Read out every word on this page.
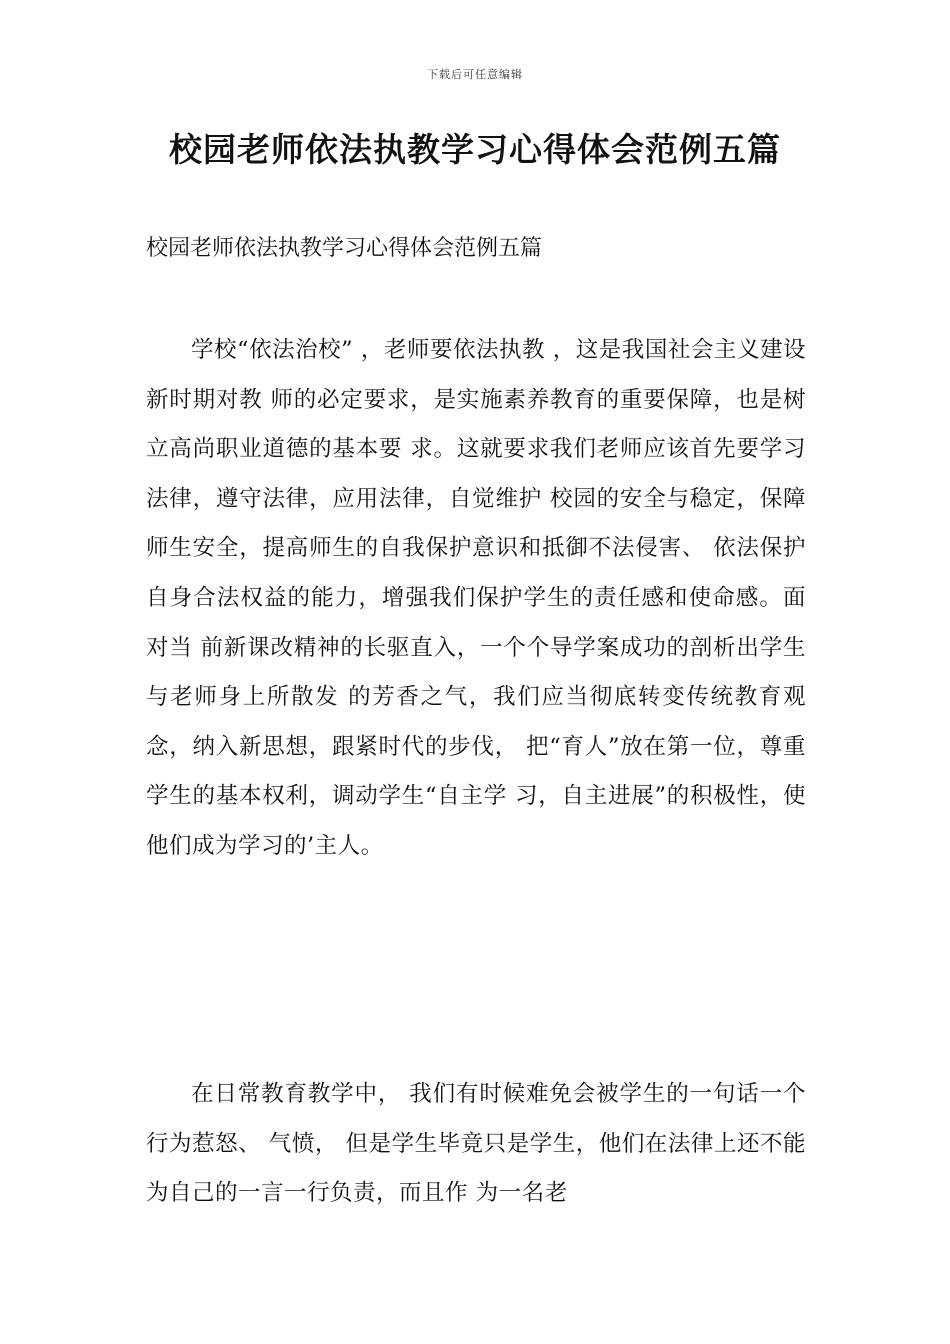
下载后可任意编辑
校园老师依法执教学习心得体会范例五篇

校园老师依法执教学习心得体会范例五篇

学校“依法治校” ，老师要依法执教 ，这是我国社会主义建设新时期对教 师的必定要求，是实施素养教育的重要保障，也是树立高尚职业道德的基本要 求。这就要求我们老师应该首先要学习法律，遵守法律，应用法律，自觉维护 校园的安全与稳定，保障师生安全，提高师生的自我保护意识和抵御不法侵害、 依法保护自身合法权益的能力，增强我们保护学生的责任感和使命感。面对当 前新课改精神的长驱直入，一个个导学案成功的剖析出学生与老师身上所散发 的芳香之气，我们应当彻底转变传统教育观念，纳入新思想，跟紧时代的步伐， 把“育人”放在第一位，尊重学生的基本权利，调动学生“自主学 习，自主进展”的积极性，使他们成为学习的’主人。

在日常教育教学中， 我们有时候难免会被学生的一句话一个行为惹怒、 气愤， 但是学生毕竟只是学生，他们在法律上还不能为自己的一言一行负责，而且作 为一名老
